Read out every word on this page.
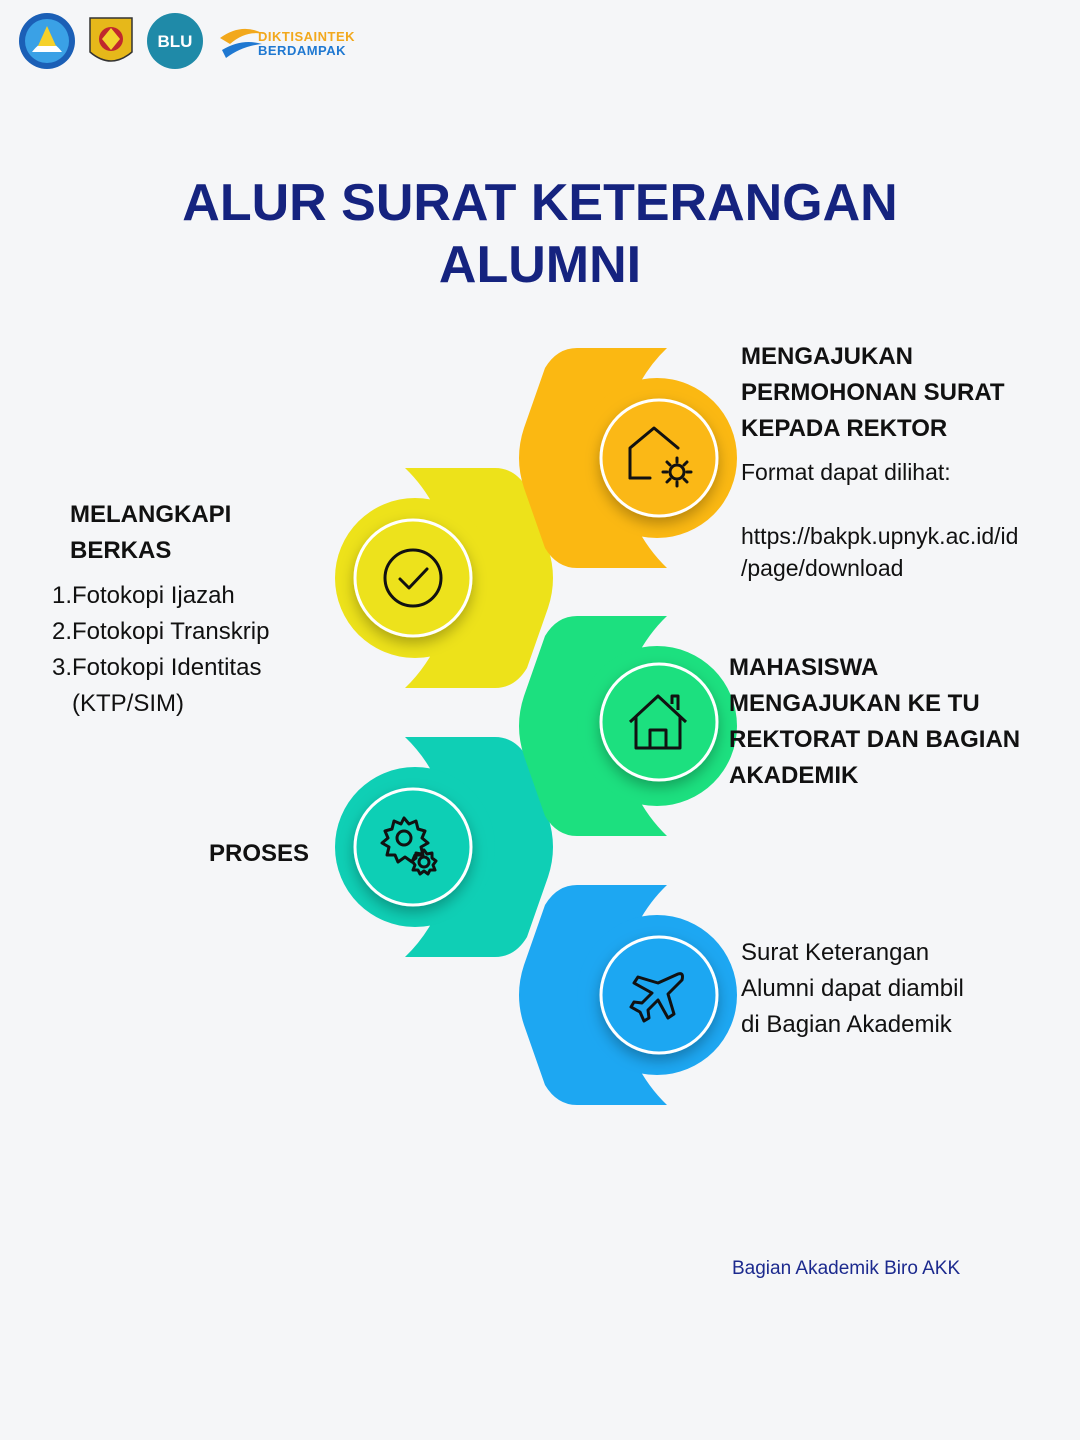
BLU	DIKTISAINTEK
BERDAMPAK
ALUR SURAT KETERANGAN
ALUMNI
MENGAJUKAN
PERMOHONAN SURAT
KEPADA REKTOR
Format dapat dilihat:
https://bakpk.upnyk.ac.id/id
/page/download
MELANGKAPI
BERKAS
1. Fotokopi Ijazah
2. Fotokopi Transkrip
3. Fotokopi Identitas
(KTP/SIM)
MAHASISWA
MENGAJUKAN KE TU
REKTORAT DAN BAGIAN
AKADEMIK
PROSES
Surat Keterangan
Alumni dapat diambil
di Bagian Akademik
Bagian Akademik Biro AKK
